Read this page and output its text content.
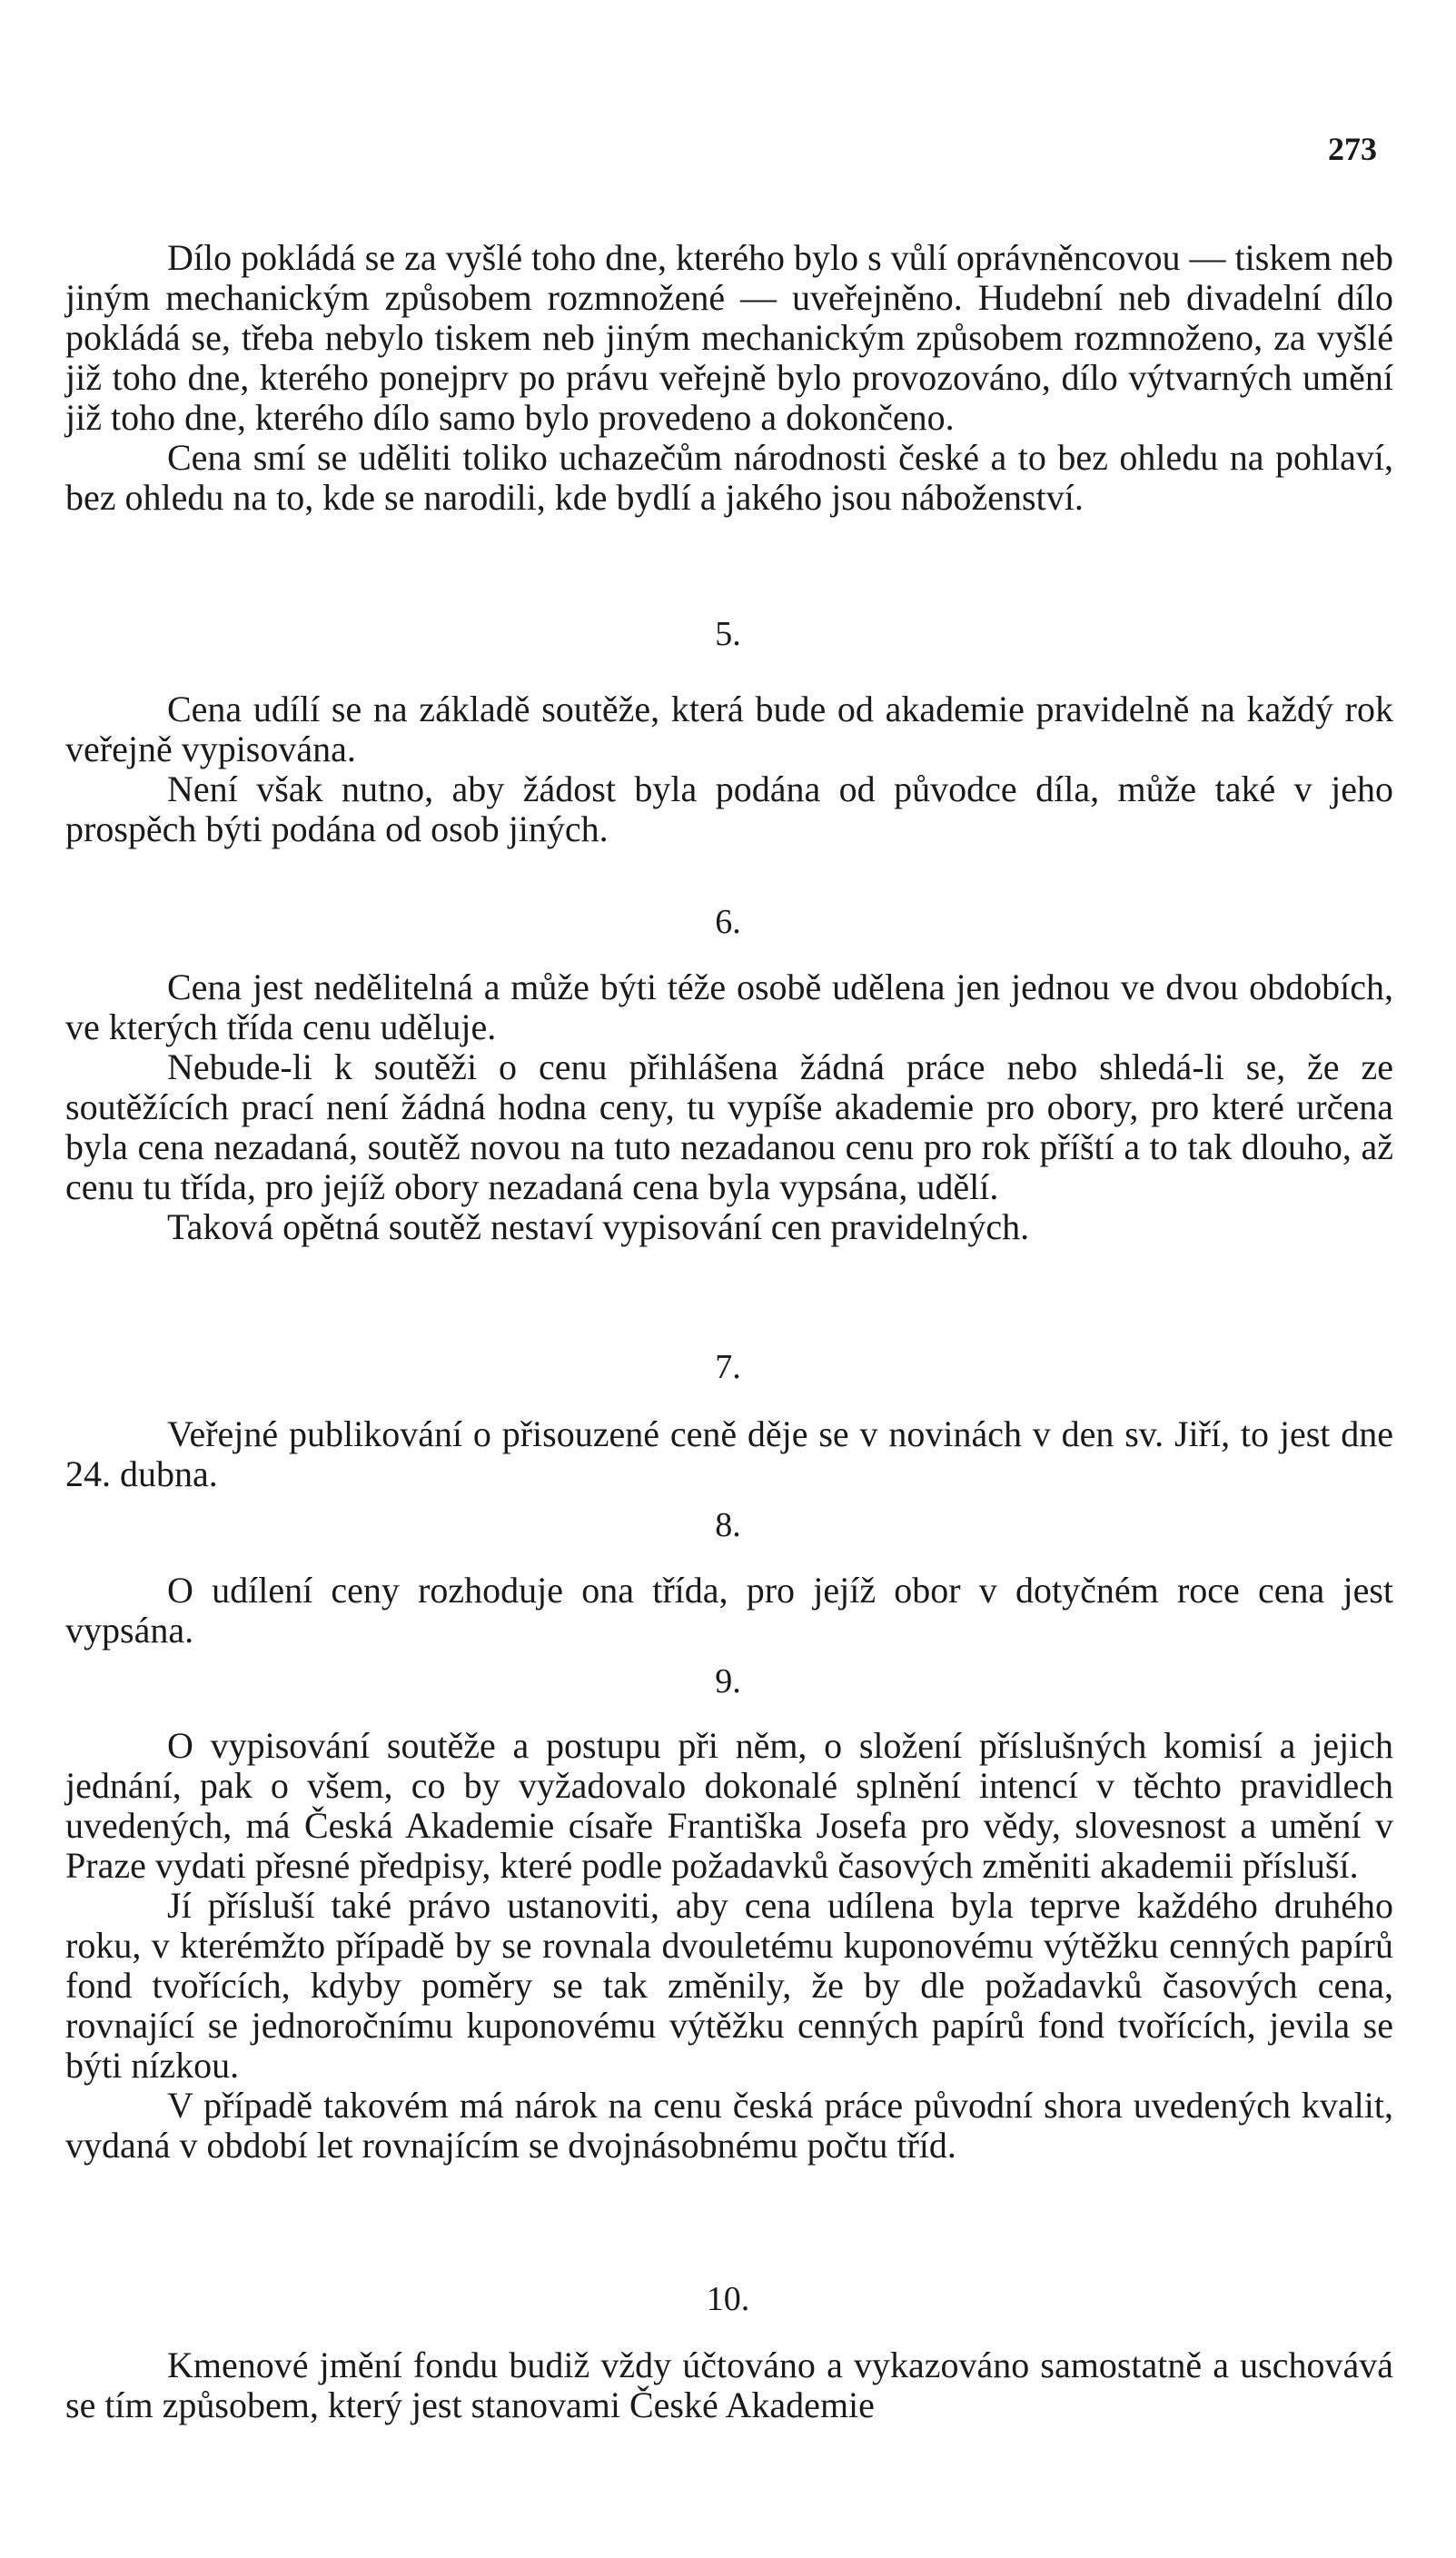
273

Dílo pokládá se za vyšlé toho dne, kterého bylo s vůlí oprávněncovou — tiskem neb jiným mechanickým způsobem rozmnožené — uveřejněno. Hudební neb divadelní dílo pokládá se, třeba nebylo tiskem neb jiným mechanickým způsobem rozmnoženo, za vyšlé již toho dne, kterého ponejprv po právu veřejně bylo provozováno, dílo výtvarných umění již toho dne, kterého dílo samo bylo provedeno a dokončeno.

Cena smí se uděliti toliko uchazečům národnosti české a to bez ohledu na pohlaví, bez ohledu na to, kde se narodili, kde bydlí a jakého jsou náboženství.

5.

Cena udílí se na základě soutěže, která bude od akademie pravidelně na každý rok veřejně vypisována.

Není však nutno, aby žádost byla podána od původce díla, může také v jeho prospěch býti podána od osob jiných.

6.

Cena jest nedělitelná a může býti téže osobě udělena jen jednou ve dvou obdobích, ve kterých třída cenu uděluje.

Nebude-li k soutěži o cenu přihlášena žádná práce nebo shledá-li se, že ze soutěžících prací není žádná hodna ceny, tu vypíše akademie pro obory, pro které určena byla cena nezadaná, soutěž novou na tuto nezadanou cenu pro rok příští a to tak dlouho, až cenu tu třída, pro jejíž obory nezadaná cena byla vypsána, udělí.

Taková opětná soutěž nestaví vypisování cen pravidelných.

7.

Veřejné publikování o přisouzené ceně děje se v novinách v den sv. Jiří, to jest dne 24. dubna.

8.

O udílení ceny rozhoduje ona třída, pro jejíž obor v dotyčném roce cena jest vypsána.

9.

O vypisování soutěže a postupu při něm, o složení příslušných komisí a jejich jednání, pak o všem, co by vyžadovalo dokonalé splnění intencí v těchto pravidlech uvedených, má Česká Akademie císaře Františka Josefa pro vědy, slovesnost a umění v Praze vydati přesné předpisy, které podle požadavků časových změniti akademii přísluší.

Jí přísluší také právo ustanoviti, aby cena udílena byla teprve každého druhého roku, v kterémžto případě by se rovnala dvouletému kuponovému výtěžku cenných papírů fond tvořících, kdyby poměry se tak změnily, že by dle požadavků časových cena, rovnající se jednoročnímu kuponovému výtěžku cenných papírů fond tvořících, jevila se býti nízkou.

V případě takovém má nárok na cenu česká práce původní shora uvedených kvalit, vydaná v období let rovnajícím se dvojnásobnému počtu tříd.

10.

Kmenové jmění fondu budiž vždy účtováno a vykazováno samostatně a uschovává se tím způsobem, který jest stanovami České Akademie
